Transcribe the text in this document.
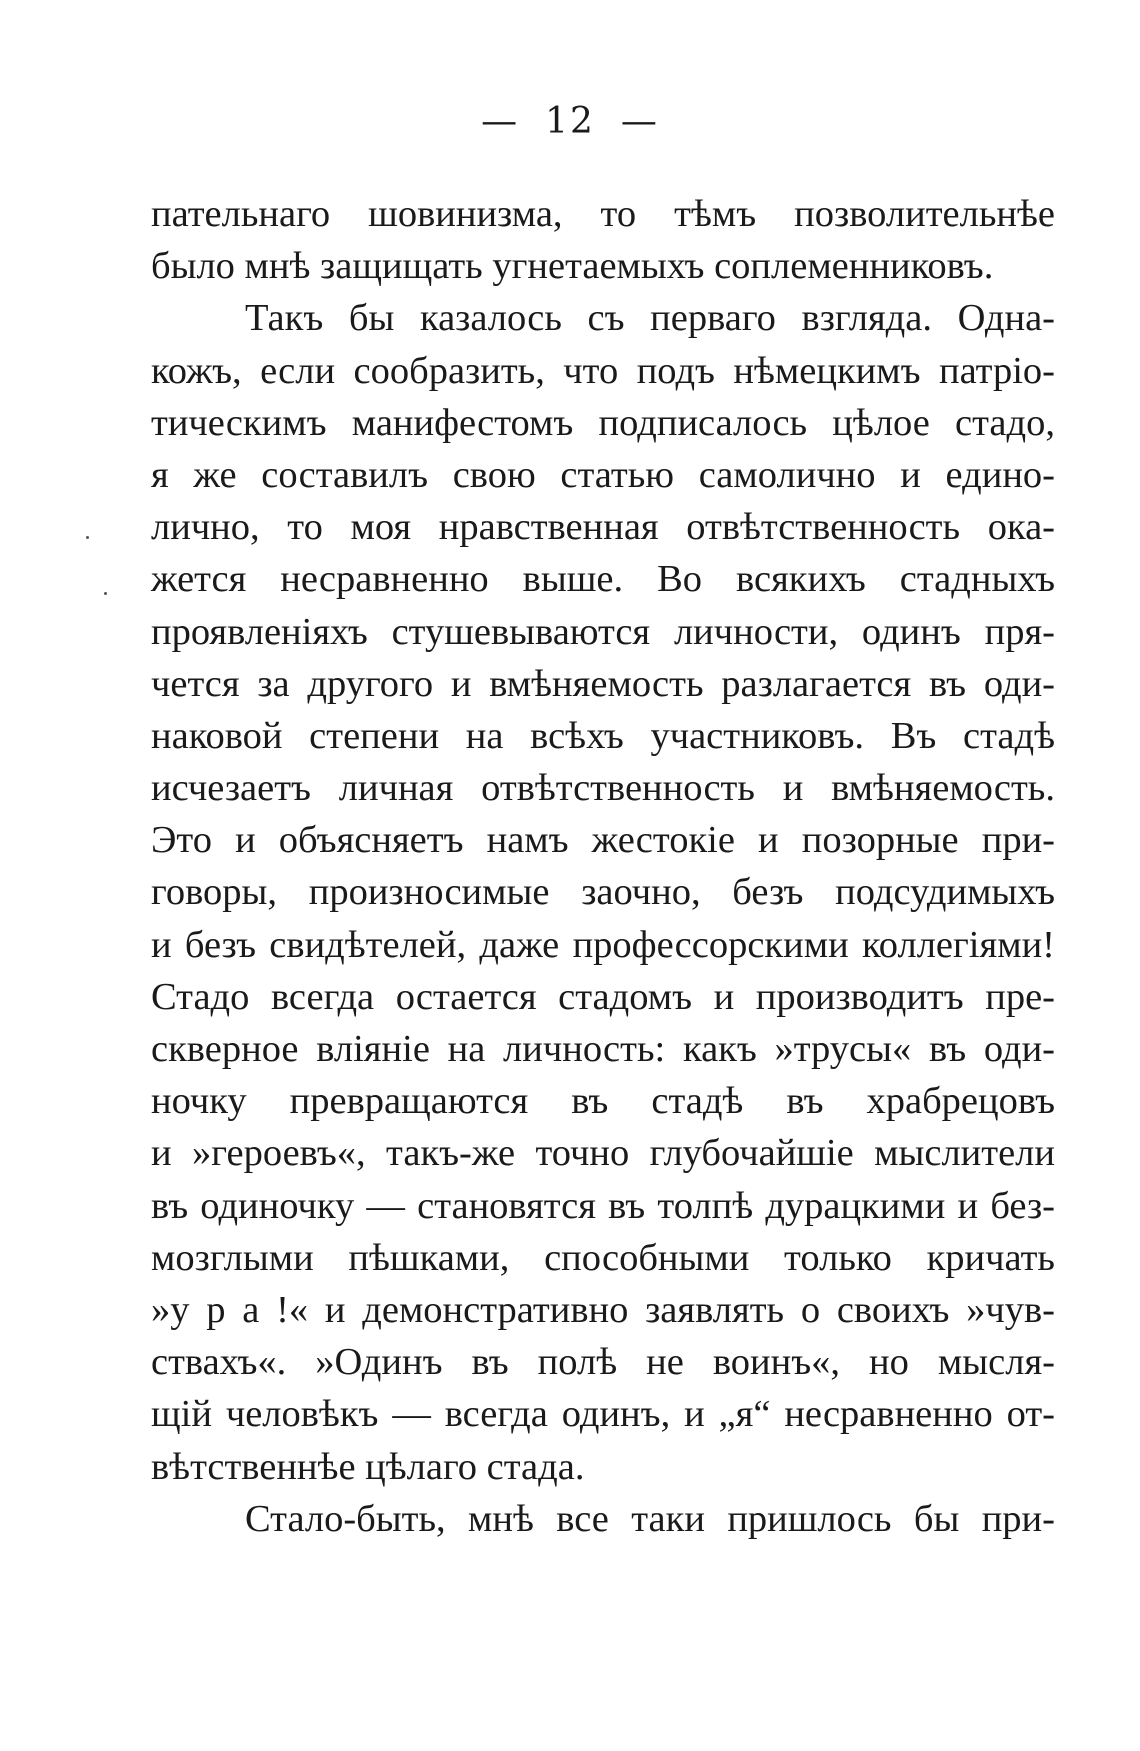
— 12 —
пательнаго шовинизма, то тѣмъ позволительнѣе
было мнѣ защищать угнетаемыхъ соплеменниковъ.
Такъ бы казалось съ перваго взгляда. Одна-
кожъ, если сообразить, что подъ нѣмецкимъ патріо-
тическимъ манифестомъ подписалось цѣлое стадо,
я же составилъ свою статью самолично и едино-
лично, то моя нравственная отвѣтственность ока-
жется несравненно выше. Во всякихъ стадныхъ
проявленіяхъ стушевываются личности, одинъ пря-
чется за другого и вмѣняемость разлагается въ оди-
наковой степени на всѣхъ участниковъ. Въ стадѣ
исчезаетъ личная отвѣтственность и вмѣняемость.
Это и объясняетъ намъ жестокіе и позорные при-
говоры, произносимые заочно, безъ подсудимыхъ
и безъ свидѣтелей, даже профессорскими коллегіями!
Стадо всегда остается стадомъ и производитъ пре-
скверное вліяніе на личность: какъ »трусы« въ оди-
ночку превращаются въ стадѣ въ храбрецовъ
и »героевъ«, такъ-же точно глубочайшіе мыслители
въ одиночку — становятся въ толпѣ дурацкими и без-
мозглыми пѣшками, способными только кричать
»у р а !« и демонстративно заявлять о своихъ »чув-
ствахъ«. »Одинъ въ полѣ не воинъ«, но мысля-
щій человѣкъ — всегда одинъ, и „я“ несравненно от-
вѣтственнѣе цѣлаго стада.
Стало-быть, мнѣ все таки пришлось бы при-
